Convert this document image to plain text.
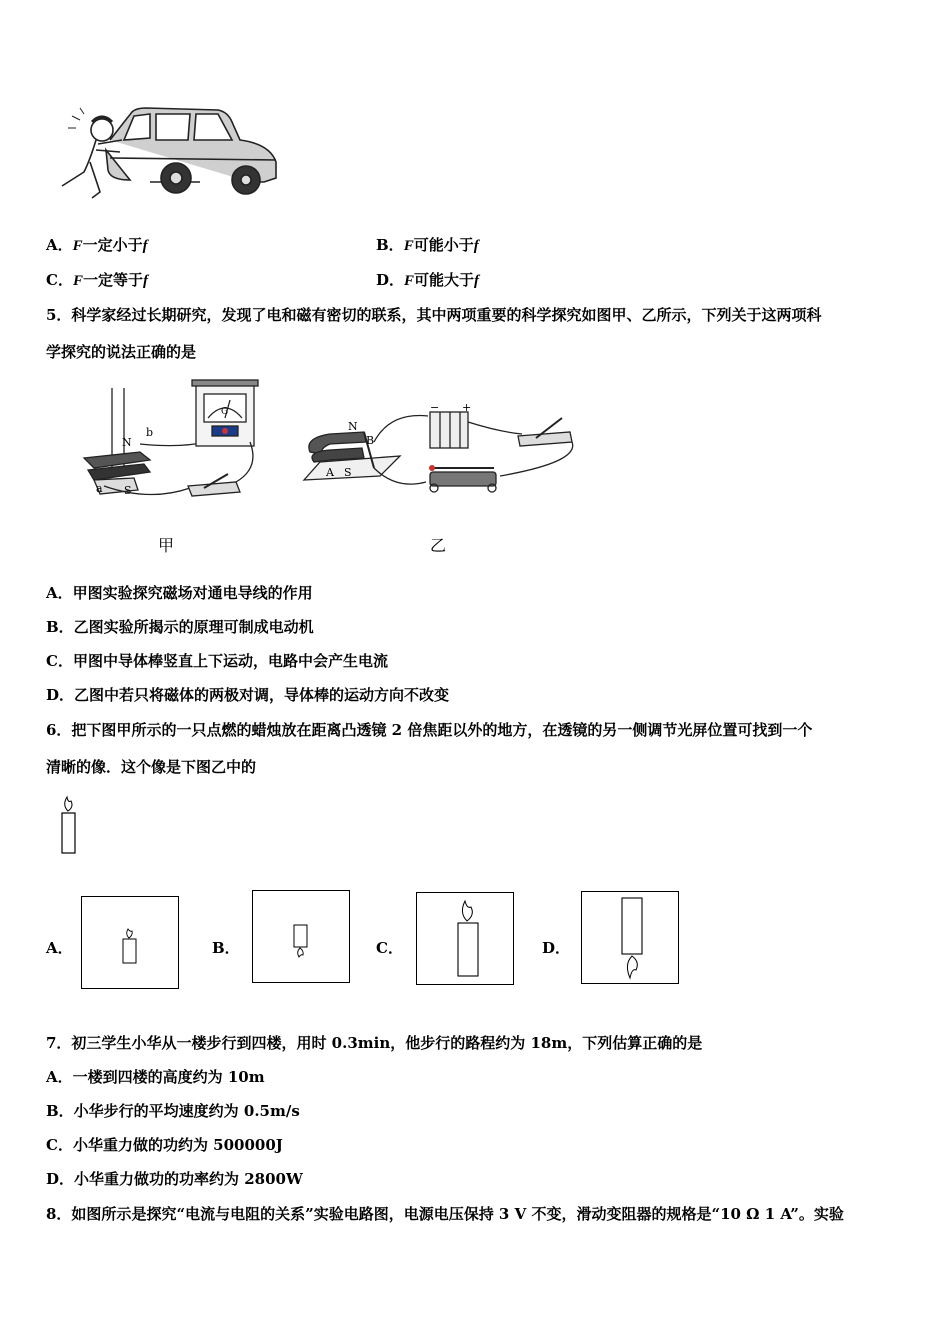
A．F一定小于f	B．F可能小于f
C．F一定等于f	D．F可能大于f
5．科学家经过长期研究，发现了电和磁有密切的联系，其中两项重要的科学探究如图甲、乙所示，下列关于这两项科
学探究的说法正确的是
N
b
S
a
G
甲
N
B
A S
− +
乙
A．甲图实验探究磁场对通电导线的作用
B．乙图实验所揭示的原理可制成电动机
C．甲图中导体棒竖直上下运动，电路中会产生电流
D．乙图中若只将磁体的两极对调，导体棒的运动方向不改变
6．把下图甲所示的一只点燃的蜡烛放在距离凸透镜 2 倍焦距以外的地方，在透镜的另一侧调节光屏位置可找到一个
清晰的像．这个像是下图乙中的
A．	B．	C．	D．
7．初三学生小华从一楼步行到四楼，用时 0.3min，他步行的路程约为 18m，下列估算正确的是
A．一楼到四楼的高度约为 10m
B．小华步行的平均速度约为 0.5m/s
C．小华重力做的功约为 500000J
D．小华重力做功的功率约为 2800W
8．如图所示是探究“电流与电阻的关系”实验电路图，电源电压保持 3 V 不变，滑动变阻器的规格是“10 Ω 1 A”。实验
